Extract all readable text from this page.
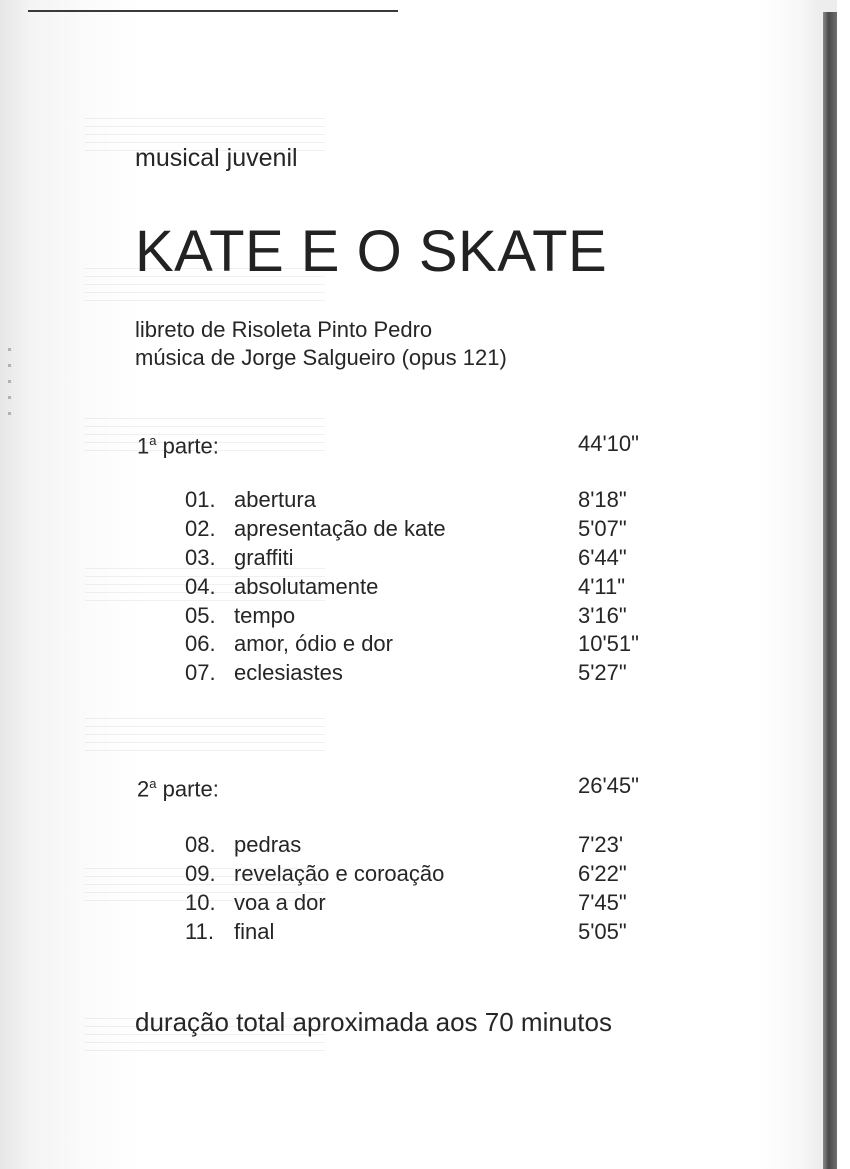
musical juvenil
KATE E O SKATE
libreto de Risoleta Pinto Pedro
música de Jorge Salgueiro (opus 121)
1$^a$ parte:	44'10"
01. abertura	8'18"
02. apresentação de kate	5'07"
03. graffiti	6'44"
04. absolutamente	4'11"
05. tempo	3'16"
06. amor, ódio e dor	10'51"
07. eclesiastes	5'27"
2$^a$ parte:	26'45"
08. pedras	7'23'
09. revelação e coroação	6'22"
10. voa a dor	7'45"
11. final	5'05"
duração total aproximada aos 70 minutos
